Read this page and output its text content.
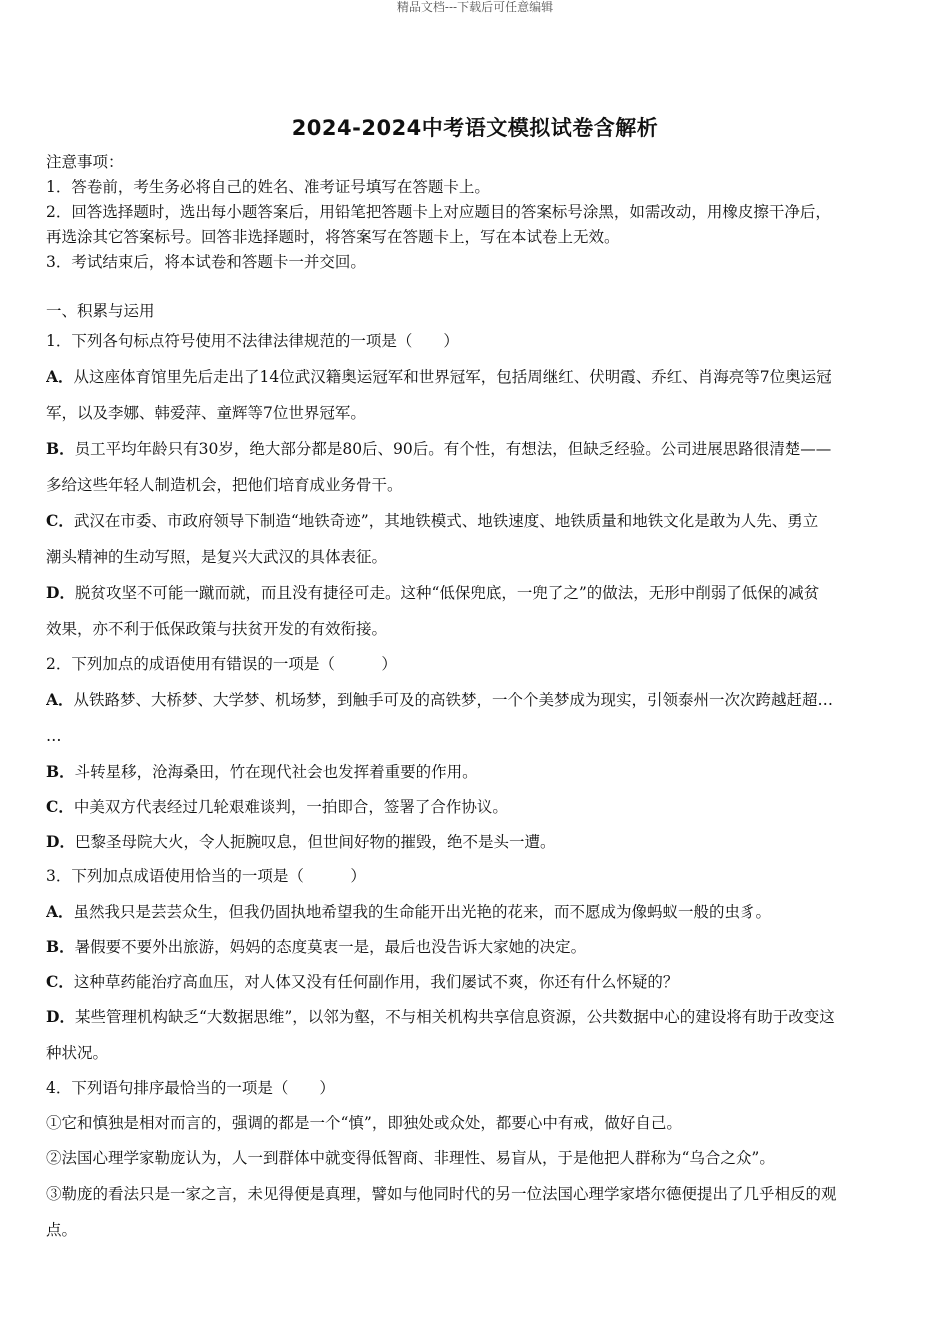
精品文档---下载后可任意编辑
2024-2024中考语文模拟试卷含解析
注意事项：
1．答卷前，考生务必将自己的姓名、准考证号填写在答题卡上。
2．回答选择题时，选出每小题答案后，用铅笔把答题卡上对应题目的答案标号涂黑，如需改动，用橡皮擦干净后，
再选涂其它答案标号。回答非选择题时，将答案写在答题卡上，写在本试卷上无效。
3．考试结束后，将本试卷和答题卡一并交回。
一、积累与运用
1．下列各句标点符号使用不法律法律规范的一项是（　　）
A．从这座体育馆里先后走出了14位武汉籍奥运冠军和世界冠军，包括周继红、伏明霞、乔红、肖海亮等7位奥运冠
军，以及李娜、韩爱萍、童辉等7位世界冠军。
B．员工平均年龄只有30岁，绝大部分都是80后、90后。有个性，有想法，但缺乏经验。公司进展思路很清楚——
多给这些年轻人制造机会，把他们培育成业务骨干。
C．武汉在市委、市政府领导下制造“地铁奇迹”，其地铁模式、地铁速度、地铁质量和地铁文化是敢为人先、勇立
潮头精神的生动写照，是复兴大武汉的具体表征。
D．脱贫攻坚不可能一蹴而就，而且没有捷径可走。这种“低保兜底，一兜了之”的做法，无形中削弱了低保的减贫
效果，亦不利于低保政策与扶贫开发的有效衔接。
2．下列加点的成语使用有错误的一项是（　　　）
A．从铁路梦、大桥梦、大学梦、机场梦，到触手可及的高铁梦，一个个美梦成为现实，引领泰州一次次跨越赶超…
…
B．斗转星移，沧海桑田，竹在现代社会也发挥着重要的作用。
C．中美双方代表经过几轮艰难谈判，一拍即合，签署了合作协议。
D．巴黎圣母院大火，令人扼腕叹息，但世间好物的摧毁，绝不是头一遭。
3．下列加点成语使用恰当的一项是（　　　）
A．虽然我只是芸芸众生，但我仍固执地希望我的生命能开出光艳的花来，而不愿成为像蚂蚁一般的虫豸。
B．暑假要不要外出旅游，妈妈的态度莫衷一是，最后也没告诉大家她的决定。
C．这种草药能治疗高血压，对人体又没有任何副作用，我们屡试不爽，你还有什么怀疑的？
D．某些管理机构缺乏“大数据思维”，以邻为壑，不与相关机构共享信息资源，公共数据中心的建设将有助于改变这
种状况。
4．下列语句排序最恰当的一项是（　　）
①它和慎独是相对而言的，强调的都是一个“慎”，即独处或众处，都要心中有戒，做好自己。
②法国心理学家勒庞认为，人一到群体中就变得低智商、非理性、易盲从，于是他把人群称为“乌合之众”。
③勒庞的看法只是一家之言，未见得便是真理，譬如与他同时代的另一位法国心理学家塔尔德便提出了几乎相反的观
点。
